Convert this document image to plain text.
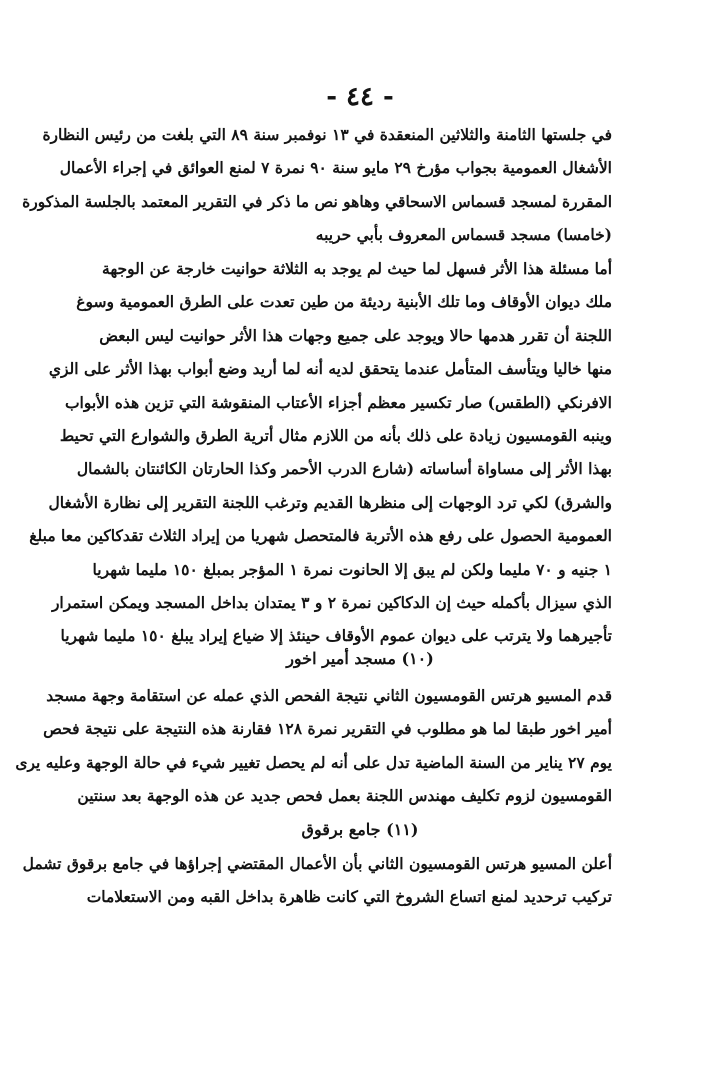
- ٤٤ -
في جلستها الثامنة والثلاثين المنعقدة في ١٣ نوفمبر سنة ٨٩ التي بلغت من رئيس النظارة
الأشغال العمومية بجواب مؤرخ ٢٩ مايو سنة ٩٠ نمرة ٧ لمنع العوائق في إجراء الأعمال
المقررة لمسجد قسماس الاسحاقي وهاهو نص ما ذكر في التقرير المعتمد بالجلسة المذكورة
(خامسا) مسجد قسماس المعروف بأبي حريبه
أما مسئلة هذا الأثر فسهل لما حيث لم يوجد به الثلاثة حوانيت خارجة عن الوجهة
ملك ديوان الأوقاف وما تلك الأبنية رديئة من طين تعدت على الطرق العمومية وسوغ
اللجنة أن تقرر هدمها حالا ويوجد على جميع وجهات هذا الأثر حوانيت ليس البعض
منها خاليا ويتأسف المتأمل عندما يتحقق لديه أنه لما أريد وضع أبواب بهذا الأثر على الزي
الافرنكي (الطقس) صار تكسير معظم أجزاء الأعتاب المنقوشة التي تزين هذه الأبواب
وينبه القومسيون زيادة على ذلك بأنه من اللازم مثال أترية الطرق والشوارع التي تحيط
بهذا الأثر إلى مساواة أساساته (شارع الدرب الأحمر وكذا الحارتان الكائنتان بالشمال
والشرق) لكي ترد الوجهات إلى منظرها القديم وترغب اللجنة التقرير إلى نظارة الأشغال
العمومية الحصول على رفع هذه الأتربة فالمتحصل شهريا من إيراد الثلاث تقدكاكين معا مبلغ
١ جنيه و ٧٠ مليما ولكن لم يبق إلا الحانوت نمرة ١ المؤجر بمبلغ ١٥٠ مليما شهريا
الذي سيزال بأكمله حيث إن الدكاكين نمرة ٢ و ٣ يمتدان بداخل المسجد ويمكن استمرار
تأجيرهما ولا يترتب على ديوان عموم الأوقاف حينئذ إلا ضياع إيراد يبلغ ١٥٠ مليما شهريا
(١٠) مسجد أمير اخور
قدم المسيو هرتس القومسيون الثاني نتيجة الفحص الذي عمله عن استقامة وجهة مسجد
أمير اخور طبقا لما هو مطلوب في التقرير نمرة ١٢٨ فقارنة هذه النتيجة على نتيجة فحص
يوم ٢٧ يناير من السنة الماضية تدل على أنه لم يحصل تغيير شيء في حالة الوجهة وعليه يرى
القومسيون لزوم تكليف مهندس اللجنة بعمل فحص جديد عن هذه الوجهة بعد سنتين
(١١) جامع برقوق
أعلن المسيو هرتس القومسيون الثاني بأن الأعمال المقتضي إجراؤها في جامع برقوق تشمل
تركيب ترحديد لمنع اتساع الشروخ التي كانت ظاهرة بداخل القبه ومن الاستعلامات
